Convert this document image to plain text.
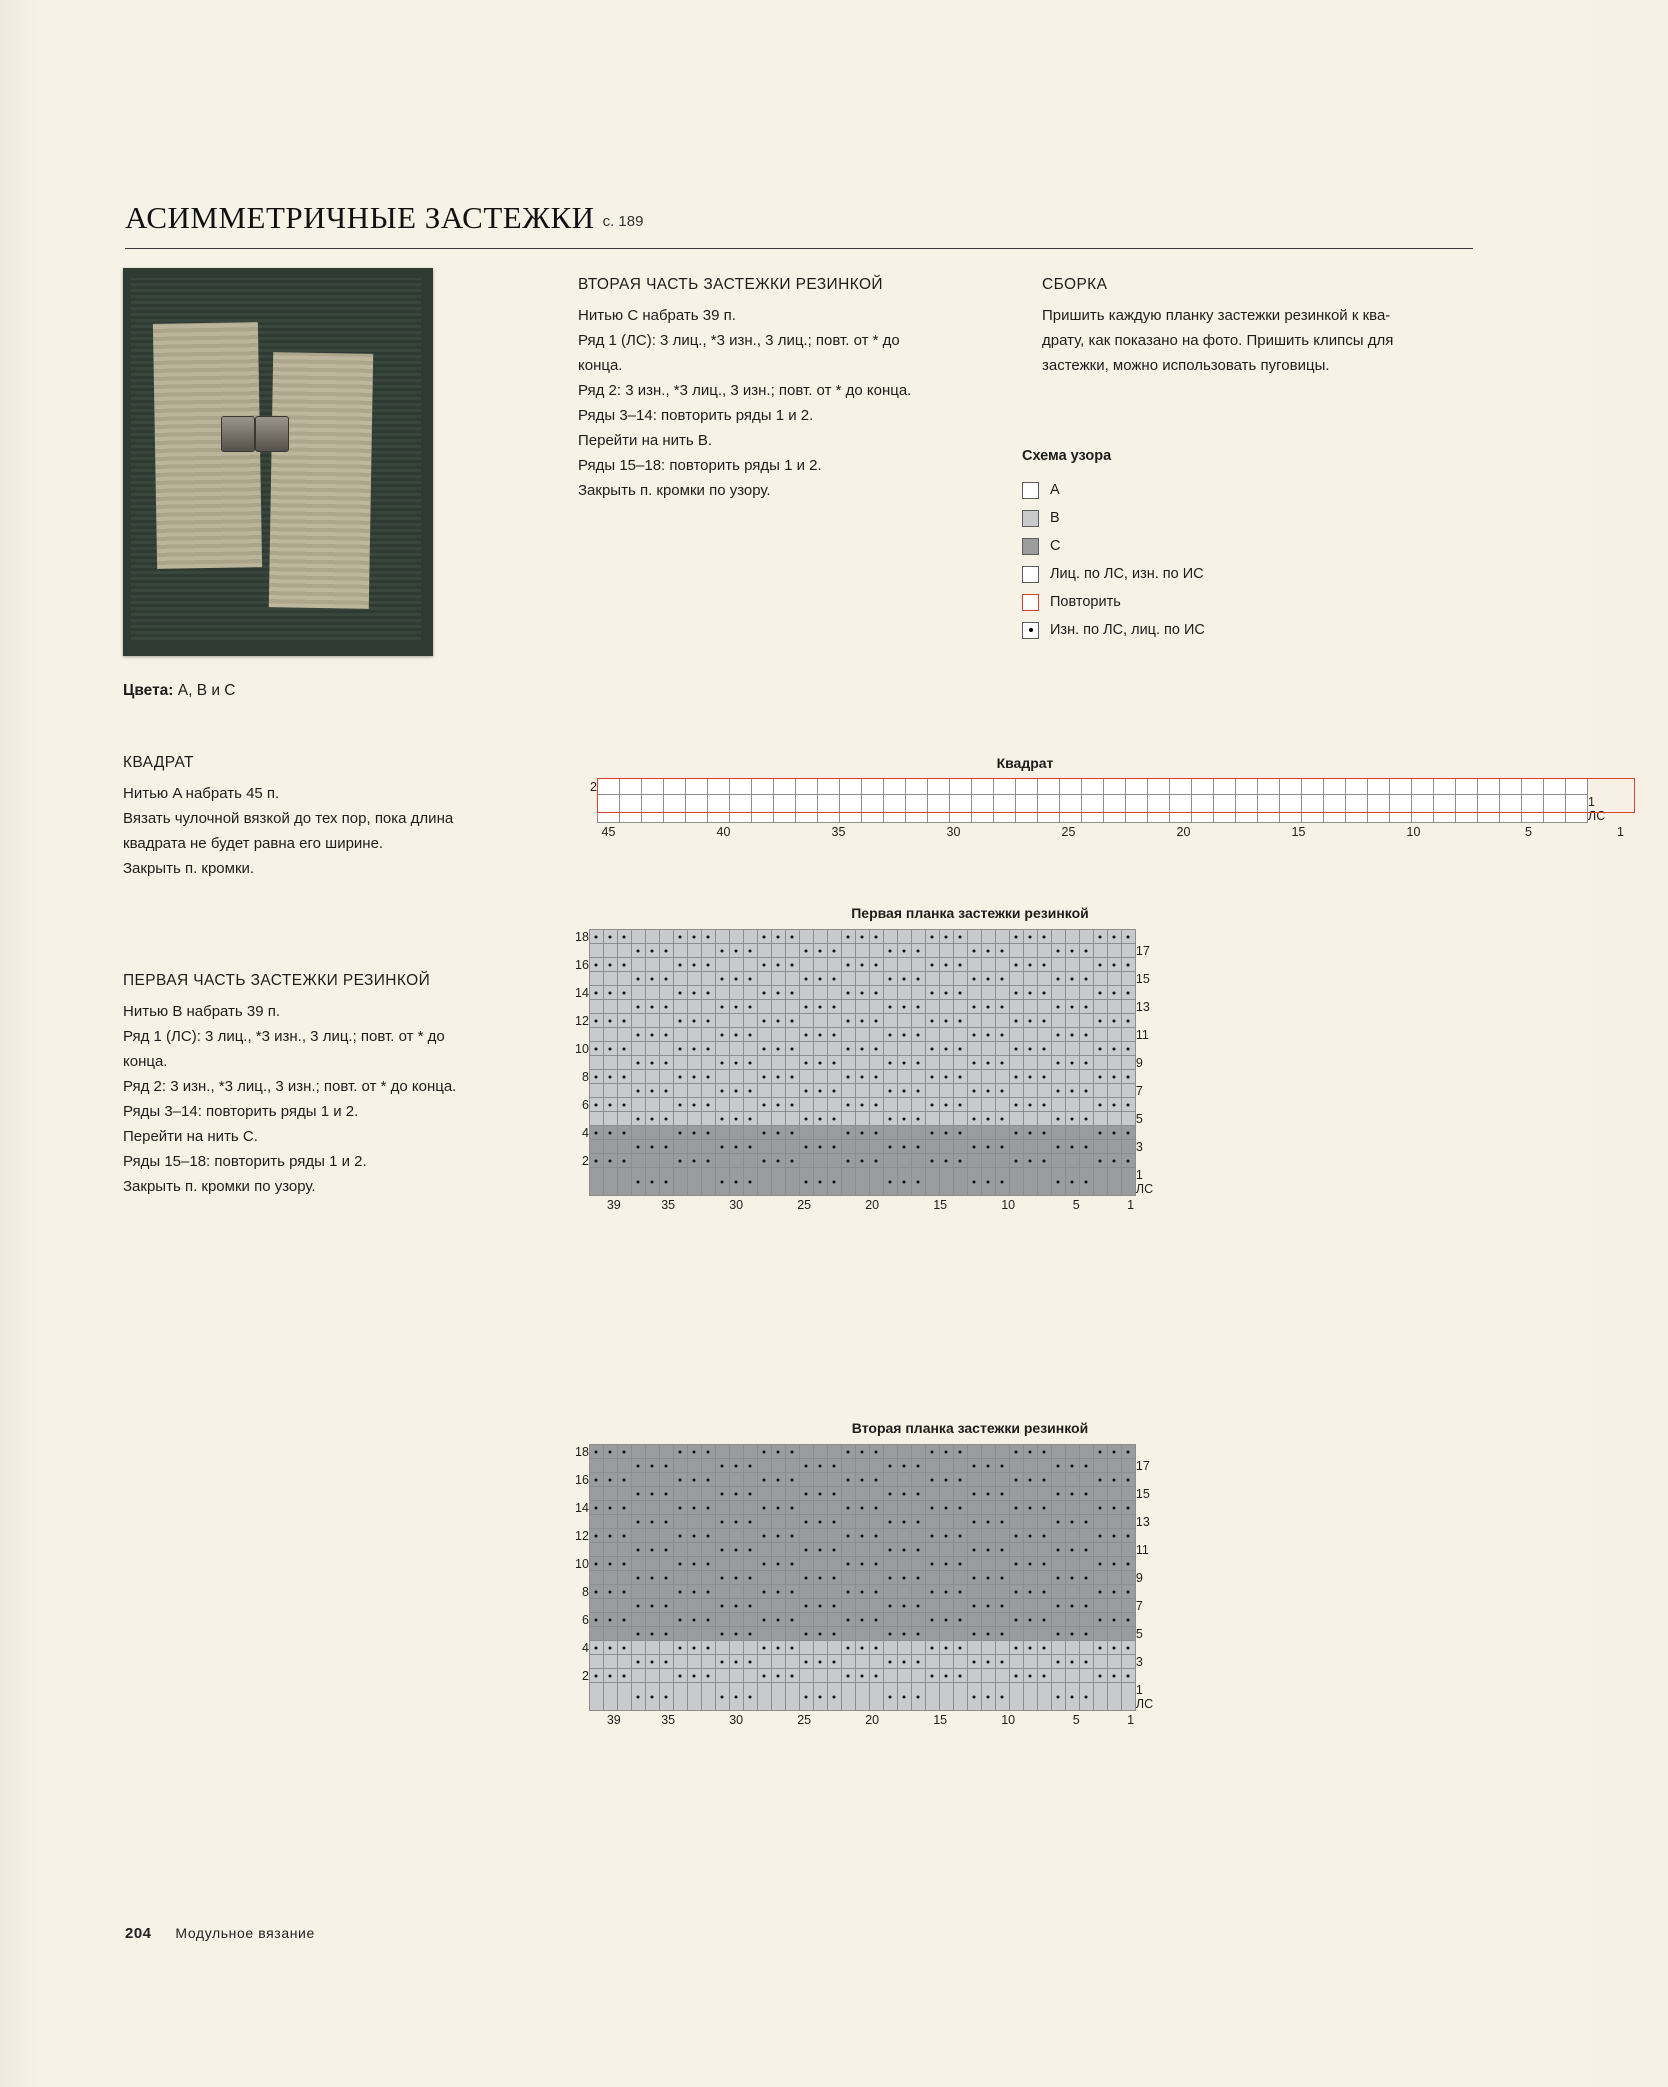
АСИММЕТРИЧНЫЕ ЗАСТЕЖКИ с. 189
Цвета: A, B и C
КВАДРАТ
Нитью A набрать 45 п.
Вязать чулочной вязкой до тех пор, пока длина
квадрата не будет равна его ширине.
Закрыть п. кромки.
ПЕРВАЯ ЧАСТЬ ЗАСТЕЖКИ РЕЗИНКОЙ
Нитью B набрать 39 п.
Ряд 1 (ЛС): 3 лиц., *3 изн., 3 лиц.; повт. от * до
конца.
Ряд 2: 3 изн., *3 лиц., 3 изн.; повт. от * до конца.
Ряды 3–14: повторить ряды 1 и 2.
Перейти на нить C.
Ряды 15–18: повторить ряды 1 и 2.
Закрыть п. кромки по узору.
ВТОРАЯ ЧАСТЬ ЗАСТЕЖКИ РЕЗИНКОЙ
Нитью C набрать 39 п.
Ряд 1 (ЛС): 3 лиц., *3 изн., 3 лиц.; повт. от * до
конца.
Ряд 2: 3 изн., *3 лиц., 3 изн.; повт. от * до конца.
Ряды 3–14: повторить ряды 1 и 2.
Перейти на нить B.
Ряды 15–18: повторить ряды 1 и 2.
Закрыть п. кромки по узору.
СБОРКА
Пришить каждую планку застежки резинкой к ква-
драту, как показано на фото. Пришить клипсы для
застежки, можно использовать пуговицы.
Схема узора
A
B
C
Лиц. по ЛС, изн. по ИС
Повторить
Изн. по ЛС, лиц. по ИС
Квадрат
2																																														
																																														1 ЛС
45	40	35	30	25	20	15	10	5	1
Первая планка застежки резинкой
18																																								
																																								17
16																																								
																																								15
14																																								
																																								13
12																																								
																																								11
10																																								
																																								9
8																																								
																																								7
6																																								
																																								5
4																																								
																																								3
2																																								
																																								1 ЛС
39	35	30	25	20	15	10	5	1
Вторая планка застежки резинкой
18																																								
																																								17
16																																								
																																								15
14																																								
																																								13
12																																								
																																								11
10																																								
																																								9
8																																								
																																								7
6																																								
																																								5
4																																								
																																								3
2																																								
																																								1 ЛС
39	35	30	25	20	15	10	5	1
204 Модульное вязание
